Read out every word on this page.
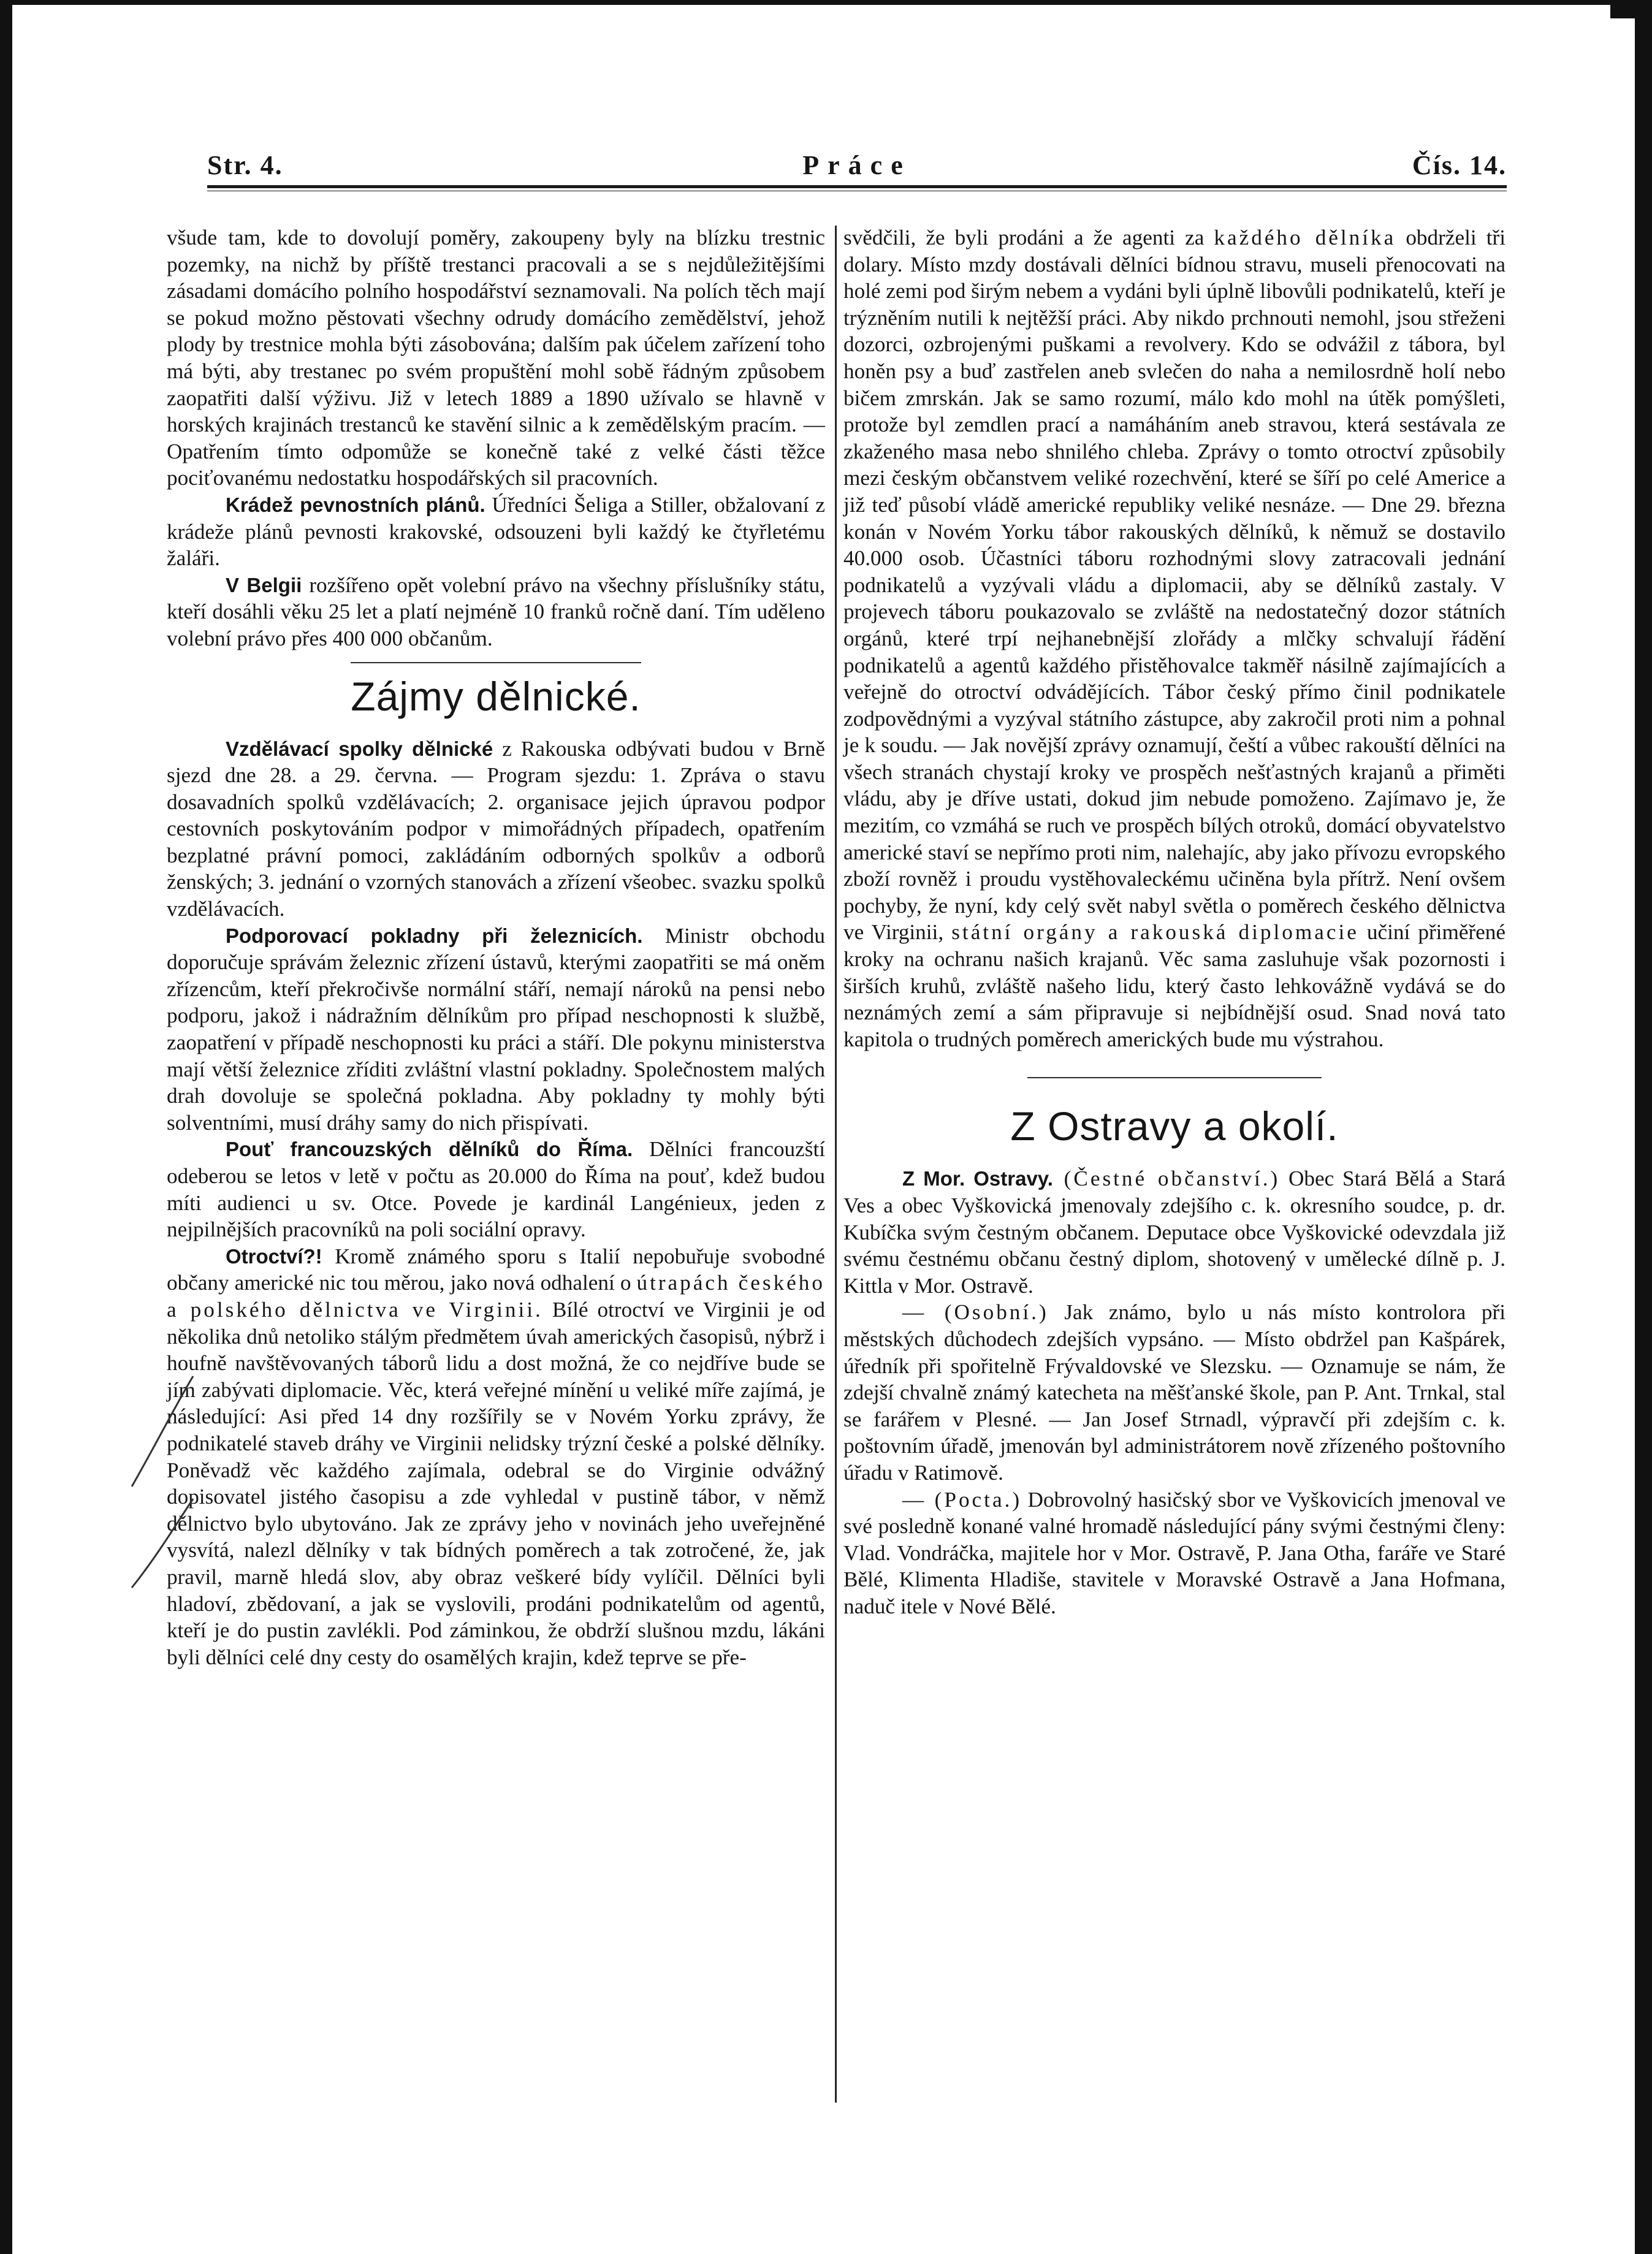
Str. 4.	Práce	Čís. 14.

všude tam, kde to dovolují poměry, zakoupeny byly na blízku trestnic pozemky, na nichž by příště trestanci pracovali a se s nejdůležitějšími zásadami domácího polního hospodářství seznamovali. Na polích těch mají se pokud možno pěstovati všechny odrudy domácího zemědělství, jehož plody by trestnice mohla býti zásobována; dalším pak účelem zařízení toho má býti, aby trestanec po svém propuštění mohl sobě řádným způsobem zaopatřiti další výživu. Již v letech 1889 a 1890 užívalo se hlavně v horských krajinách trestanců ke stavění silnic a k zemědělským pracím. — Opatřením tímto odpomůže se konečně také z velké části těžce pociťovanému nedostatku hospodářských sil pracovních.

Krádež pevnostních plánů. Úředníci Šeliga a Stiller, obžalovaní z krádeže plánů pevnosti krakovské, odsouzeni byli každý ke čtyřletému žaláři.

V Belgii rozšířeno opět volební právo na všechny příslušníky státu, kteří dosáhli věku 25 let a platí nejméně 10 franků ročně daní. Tím uděleno volební právo přes 400 000 občanům.

Zájmy dělnické.

Vzdělávací spolky dělnické z Rakouska odbývati budou v Brně sjezd dne 28. a 29. června. — Program sjezdu: 1. Zpráva o stavu dosavadních spolků vzdělávacích; 2. organisace jejich úpravou podpor cestovních poskytováním podpor v mimořádných případech, opatřením bezplatné právní pomoci, zakládáním odborných spolkův a odborů ženských; 3. jednání o vzorných stanovách a zřízení všeobec. svazku spolků vzdělávacích.

Podporovací pokladny při železnicích. Ministr obchodu doporučuje správám železnic zřízení ústavů, kterými zaopatřiti se má oněm zřízencům, kteří překročivše normální stáří, nemají nároků na pensi nebo podporu, jakož i nádražním dělníkům pro případ neschopnosti k službě, zaopatření v případě neschopnosti ku práci a stáří. Dle pokynu ministerstva mají větší železnice zříditi zvláštní vlastní pokladny. Společnostem malých drah dovoluje se společná pokladna. Aby pokladny ty mohly býti solventními, musí dráhy samy do nich přispívati.

Pouť francouzských dělníků do Říma. Dělníci francouzští odeberou se letos v letě v počtu as 20.000 do Říma na pouť, kdež budou míti audienci u sv. Otce. Povede je kardinál Langénieux, jeden z nejpilnějších pracovníků na poli sociální opravy.

Otroctví?! Kromě známého sporu s Italií nepobuřuje svobodné občany americké nic tou měrou, jako nová odhalení o útrapách českého a polského dělnictva ve Virginii. Bílé otroctví ve Virginii je od několika dnů netoliko stálým předmětem úvah amerických časopisů, nýbrž i houfně navštěvovaných táborů lidu a dost možná, že co nejdříve bude se jím zabývati diplomacie. Věc, která veřejné mínění u veliké míře zajímá, je následující: Asi před 14 dny rozšířily se v Novém Yorku zprávy, že podnikatelé staveb dráhy ve Virginii nelidsky trýzní české a polské dělníky. Poněvadž věc každého zajímala, odebral se do Virginie odvážný dopisovatel jistého časopisu a zde vyhledal v pustině tábor, v němž dělnictvo bylo ubytováno. Jak ze zprávy jeho v novinách jeho uveřejněné vysvítá, nalezl dělníky v tak bídných poměrech a tak zotročené, že, jak pravil, marně hledá slov, aby obraz veškeré bídy vylíčil. Dělníci byli hladoví, zbědovaní, a jak se vyslovili, prodáni podnikatelům od agentů, kteří je do pustin zavlékli. Pod záminkou, že obdrží slušnou mzdu, lákáni byli dělníci celé dny cesty do osamělých krajin, kdež teprve se pře-

svědčili, že byli prodáni a že agenti za každého dělníka obdrželi tři dolary. Místo mzdy dostávali dělníci bídnou stravu, museli přenocovati na holé zemi pod širým nebem a vydáni byli úplně libovůli podnikatelů, kteří je trýzněním nutili k nejtěžší práci. Aby nikdo prchnouti nemohl, jsou střeženi dozorci, ozbrojenými puškami a revolvery. Kdo se odvážil z tábora, byl honěn psy a buď zastřelen aneb svlečen do naha a nemilosrdně holí nebo bičem zmrskán. Jak se samo rozumí, málo kdo mohl na útěk pomýšleti, protože byl zemdlen prací a namáháním aneb stravou, která sestávala ze zkaženého masa nebo shnilého chleba. Zprávy o tomto otroctví způsobily mezi českým občanstvem veliké rozechvění, které se šíří po celé Americe a již teď působí vládě americké republiky veliké nesnáze. — Dne 29. března konán v Novém Yorku tábor rakouských dělníků, k němuž se dostavilo 40.000 osob. Účastníci táboru rozhodnými slovy zatracovali jednání podnikatelů a vyzývali vládu a diplomacii, aby se dělníků zastaly. V projevech táboru poukazovalo se zvláště na nedostatečný dozor státních orgánů, které trpí nejhanebnější zlořády a mlčky schvalují řádění podnikatelů a agentů každého přistěhovalce takměř násilně zajímajících a veřejně do otroctví odvádějících. Tábor český přímo činil podnikatele zodpovědnými a vyzýval státního zástupce, aby zakročil proti nim a pohnal je k soudu. — Jak novější zprávy oznamují, čeští a vůbec rakouští dělníci na všech stranách chystají kroky ve prospěch nešťastných krajanů a přiměti vládu, aby je dříve ustati, dokud jim nebude pomoženo. Zajímavo je, že mezitím, co vzmáhá se ruch ve prospěch bílých otroků, domácí obyvatelstvo americké staví se nepřímo proti nim, nalehajíc, aby jako přívozu evropského zboží rovněž i proudu vystěhovaleckému učiněna byla přítrž. Není ovšem pochyby, že nyní, kdy celý svět nabyl světla o poměrech českého dělnictva ve Virginii, státní orgány a rakouská diplomacie učiní přiměřené kroky na ochranu našich krajanů. Věc sama zasluhuje však pozornosti i širších kruhů, zvláště našeho lidu, který často lehkovážně vydává se do neznámých zemí a sám připravuje si nejbídnější osud. Snad nová tato kapitola o trudných poměrech amerických bude mu výstrahou.

Z Ostravy a okolí.

Z Mor. Ostravy. (Čestné občanství.) Obec Stará Bělá a Stará Ves a obec Vyškovická jmenovaly zdejšího c. k. okresního soudce, p. dr. Kubíčka svým čestným občanem. Deputace obce Vyškovické odevzdala již svému čestnému občanu čestný diplom, shotovený v umělecké dílně p. J. Kittla v Mor. Ostravě.

— (Osobní.) Jak známo, bylo u nás místo kontrolora při městských důchodech zdejších vypsáno. — Místo obdržel pan Kašpárek, úředník při spořitelně Frývaldovské ve Slezsku. — Oznamuje se nám, že zdejší chvalně známý katecheta na měšťanské škole, pan P. Ant. Trnkal, stal se farářem v Plesné. — Jan Josef Strnadl, výpravčí při zdejším c. k. poštovním úřadě, jmenován byl administrátorem nově zřízeného poštovního úřadu v Ratimově.

— (Pocta.) Dobrovolný hasičský sbor ve Vyškovicích jmenoval ve své posledně konané valné hromadě následující pány svými čestnými členy: Vlad. Vondráčka, majitele hor v Mor. Ostravě, P. Jana Otha, faráře ve Staré Bělé, Klimenta Hladiše, stavitele v Moravské Ostravě a Jana Hofmana, naduč itele v Nové Bělé.
